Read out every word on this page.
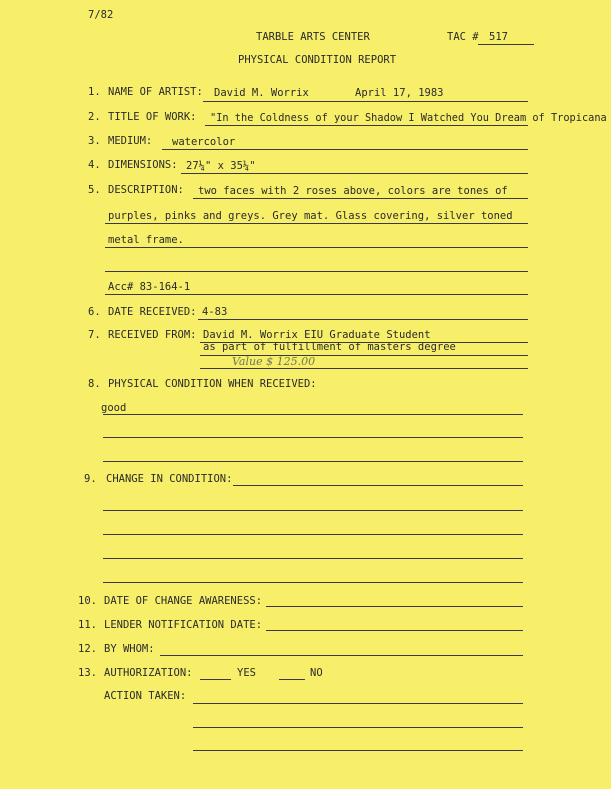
7/82
TARBLE ARTS CENTER	TAC # 517
PHYSICAL CONDITION REPORT
1. NAME OF ARTIST: David M. Worrix	April 17, 1983
2. TITLE OF WORK: "In the Coldness of your Shadow I Watched You Dream of Tropicana
3. MEDIUM: watercolor
4. DIMENSIONS: 27¼" x 35¼"
5. DESCRIPTION: two faces with 2 roses above, colors are tones of
purples, pinks and greys. Grey mat. Glass covering, silver toned
metal frame.
Acc# 83-164-1
6. DATE RECEIVED: 4-83
7. RECEIVED FROM: David M. Worrix EIU Graduate Student
as part of fulfillment of masters degree
Value $ 125.00
8. PHYSICAL CONDITION WHEN RECEIVED:
good
9. CHANGE IN CONDITION:
10. DATE OF CHANGE AWARENESS:
11. LENDER NOTIFICATION DATE:
12. BY WHOM:
13. AUTHORIZATION:	YES	NO
ACTION TAKEN:
